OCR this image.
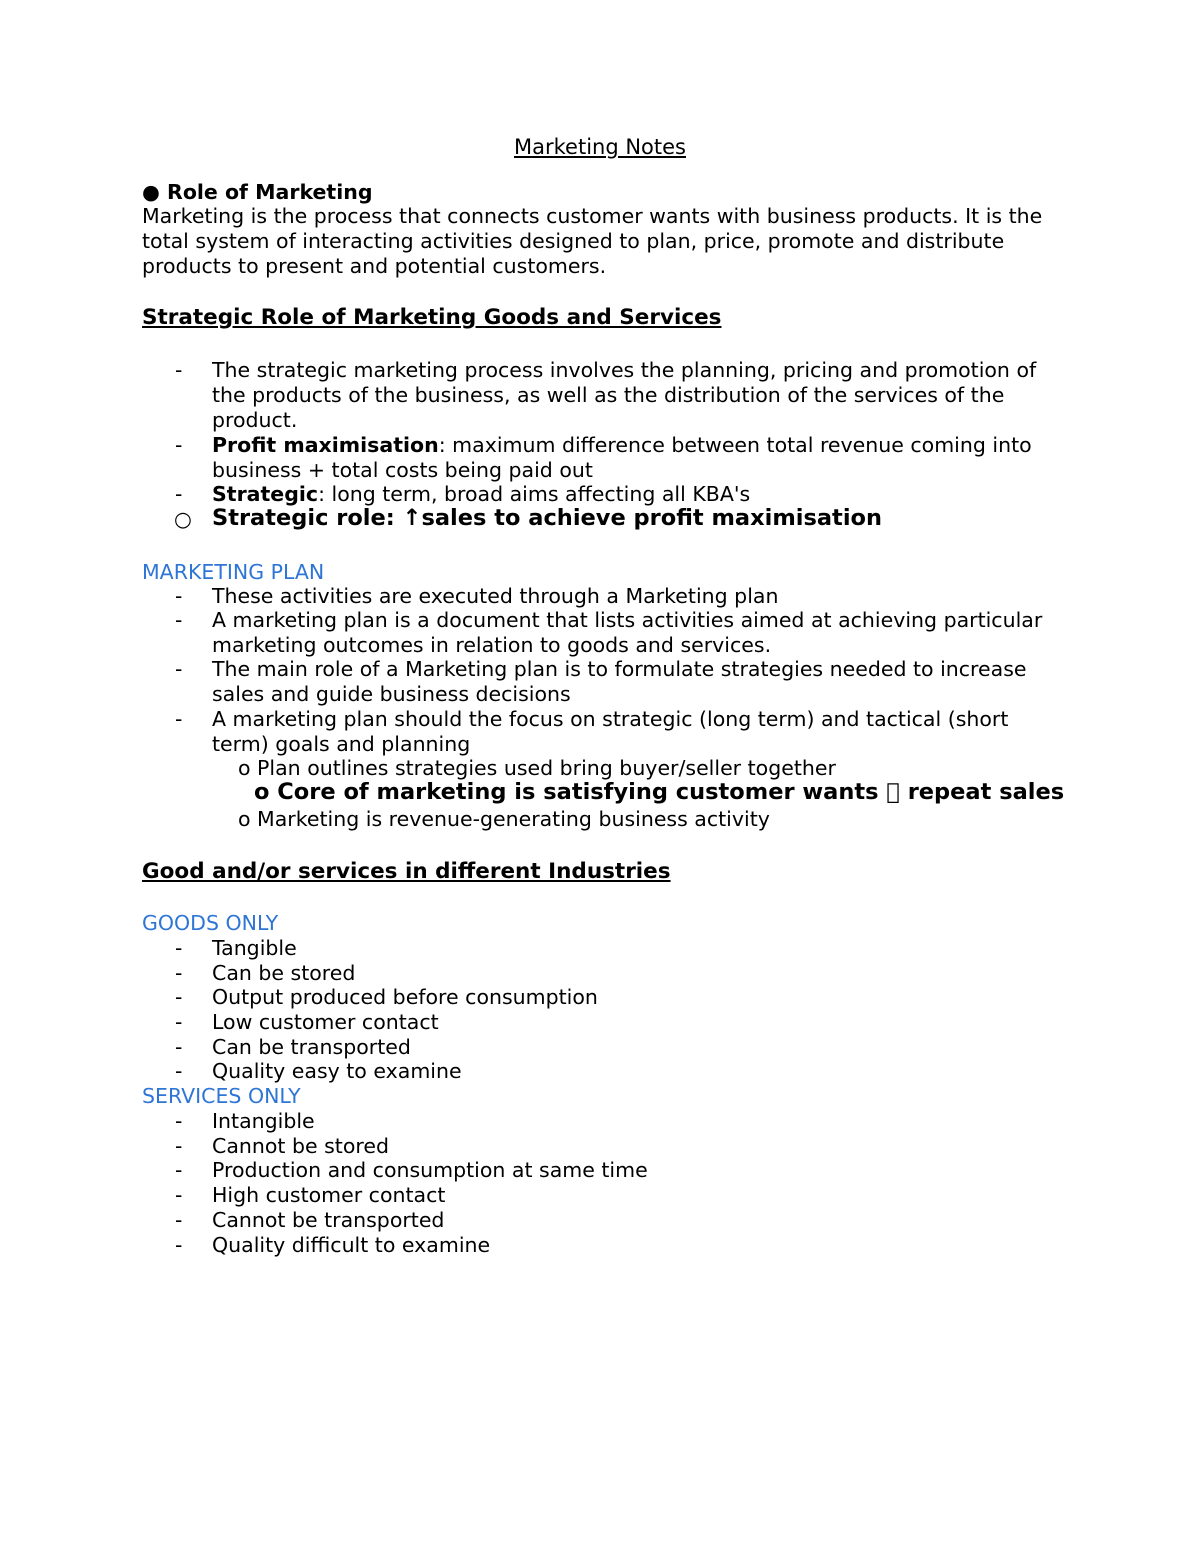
Marketing Notes
● Role of Marketing
Marketing is the process that connects customer wants with business products. It is the
total system of interacting activities designed to plan, price, promote and distribute
products to present and potential customers.
Strategic Role of Marketing Goods and Services
- The strategic marketing process involves the planning, pricing and promotion of
the products of the business, as well as the distribution of the services of the
product.
- Profit maximisation: maximum difference between total revenue coming into
business + total costs being paid out
- Strategic: long term, broad aims affecting all KBA's
○ Strategic role: ↑sales to achieve profit maximisation
MARKETING PLAN
- These activities are executed through a Marketing plan
- A marketing plan is a document that lists activities aimed at achieving particular
marketing outcomes in relation to goods and services.
- The main role of a Marketing plan is to formulate strategies needed to increase
sales and guide business decisions
- A marketing plan should the focus on strategic (long term) and tactical (short
term) goals and planning
o Plan outlines strategies used bring buyer/seller together
o Core of marketing is satisfying customer wants repeat sales
o Marketing is revenue-generating business activity
Good and/or services in different Industries
GOODS ONLY
- Tangible
- Can be stored
- Output produced before consumption
- Low customer contact
- Can be transported
- Quality easy to examine
SERVICES ONLY
- Intangible
- Cannot be stored
- Production and consumption at same time
- High customer contact
- Cannot be transported
- Quality difficult to examine
